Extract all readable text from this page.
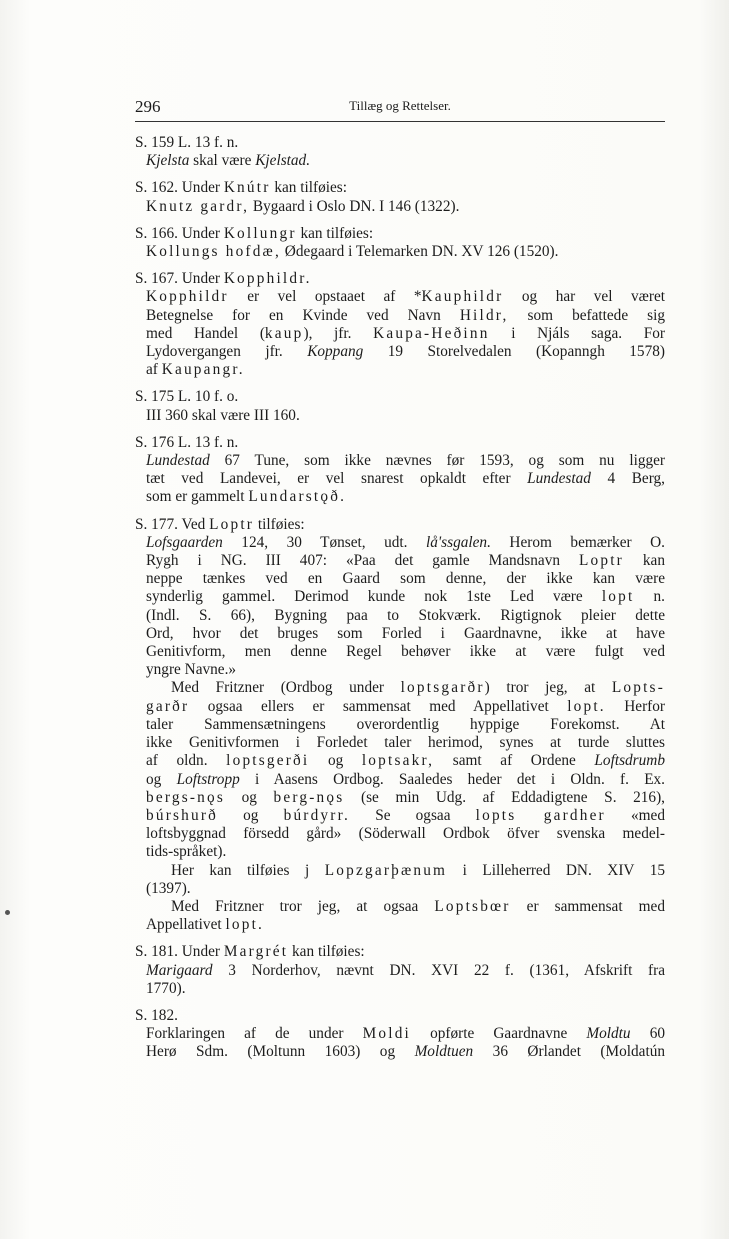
296	Tillæg og Rettelser.

S. 159 L. 13 f. n.

Kjelsta skal være Kjelstad.

S. 162. Under Knútr kan tilføies:

Knutz gardr, Bygaard i Oslo DN. I 146 (1322).

S. 166. Under Kollungr kan tilføies:

Kollungs hofdæ, Ødegaard i Telemarken DN. XV 126 (1520).

S. 167. Under Kopphildr.

Kopphildr er vel opstaaet af *Kauphildr og har vel været

Betegnelse for en Kvinde ved Navn Hildr, som befattede sig

med Handel (kaup), jfr. Kaupa-Heðinn i Njáls saga. For

Lydovergangen jfr. Koppang 19 Storelvedalen (Kopanngh 1578)

af Kaupangr.

S. 175 L. 10 f. o.

III 360 skal være III 160.

S. 176 L. 13 f. n.

Lundestad 67 Tune, som ikke nævnes før 1593, og som nu ligger

tæt ved Landevei, er vel snarest opkaldt efter Lundestad 4 Berg,

som er gammelt Lundarstǫð.

S. 177. Ved Loptr tilføies:

Lofsgaarden 124, 30 Tønset, udt. lå'ssgalen. Herom bemærker O.

Rygh i NG. III 407: «Paa det gamle Mandsnavn Loptr kan

neppe tænkes ved en Gaard som denne, der ikke kan være

synderlig gammel. Derimod kunde nok 1ste Led være lopt n.

(Indl. S. 66), Bygning paa to Stokværk. Rigtignok pleier dette

Ord, hvor det bruges som Forled i Gaardnavne, ikke at have

Genitivform, men denne Regel behøver ikke at være fulgt ved

yngre Navne.»

Med Fritzner (Ordbog under loptsgarðr) tror jeg, at Lopts-

garðr ogsaa ellers er sammensat med Appellativet lopt. Herfor

taler Sammensætningens overordentlig hyppige Forekomst. At

ikke Genitivformen i Forledet taler herimod, synes at turde sluttes

af oldn. loptsgerði og loptsakr, samt af Ordene Loftsdrumb

og Loftstropp i Aasens Ordbog. Saaledes heder det i Oldn. f. Ex.

bergs-nǫs og berg-nǫs (se min Udg. af Eddadigtene S. 216),

búrshurð og búrdyrr. Se ogsaa lopts gardher «med

loftsbyggnad försedd gård» (Söderwall Ordbok öfver svenska medel-

tids-språket).

Her kan tilføies j Lopzgarþænum i Lilleherred DN. XIV 15

(1397).

Med Fritzner tror jeg, at ogsaa Loptsbœr er sammensat med

Appellativet lopt.

S. 181. Under Margrét kan tilføies:

Marigaard 3 Norderhov, nævnt DN. XVI 22 f. (1361, Afskrift fra

1770).

S. 182.

Forklaringen af de under Moldi opførte Gaardnavne Moldtu 60

Herø Sdm. (Moltunn 1603) og Moldtuen 36 Ørlandet (Moldatún
